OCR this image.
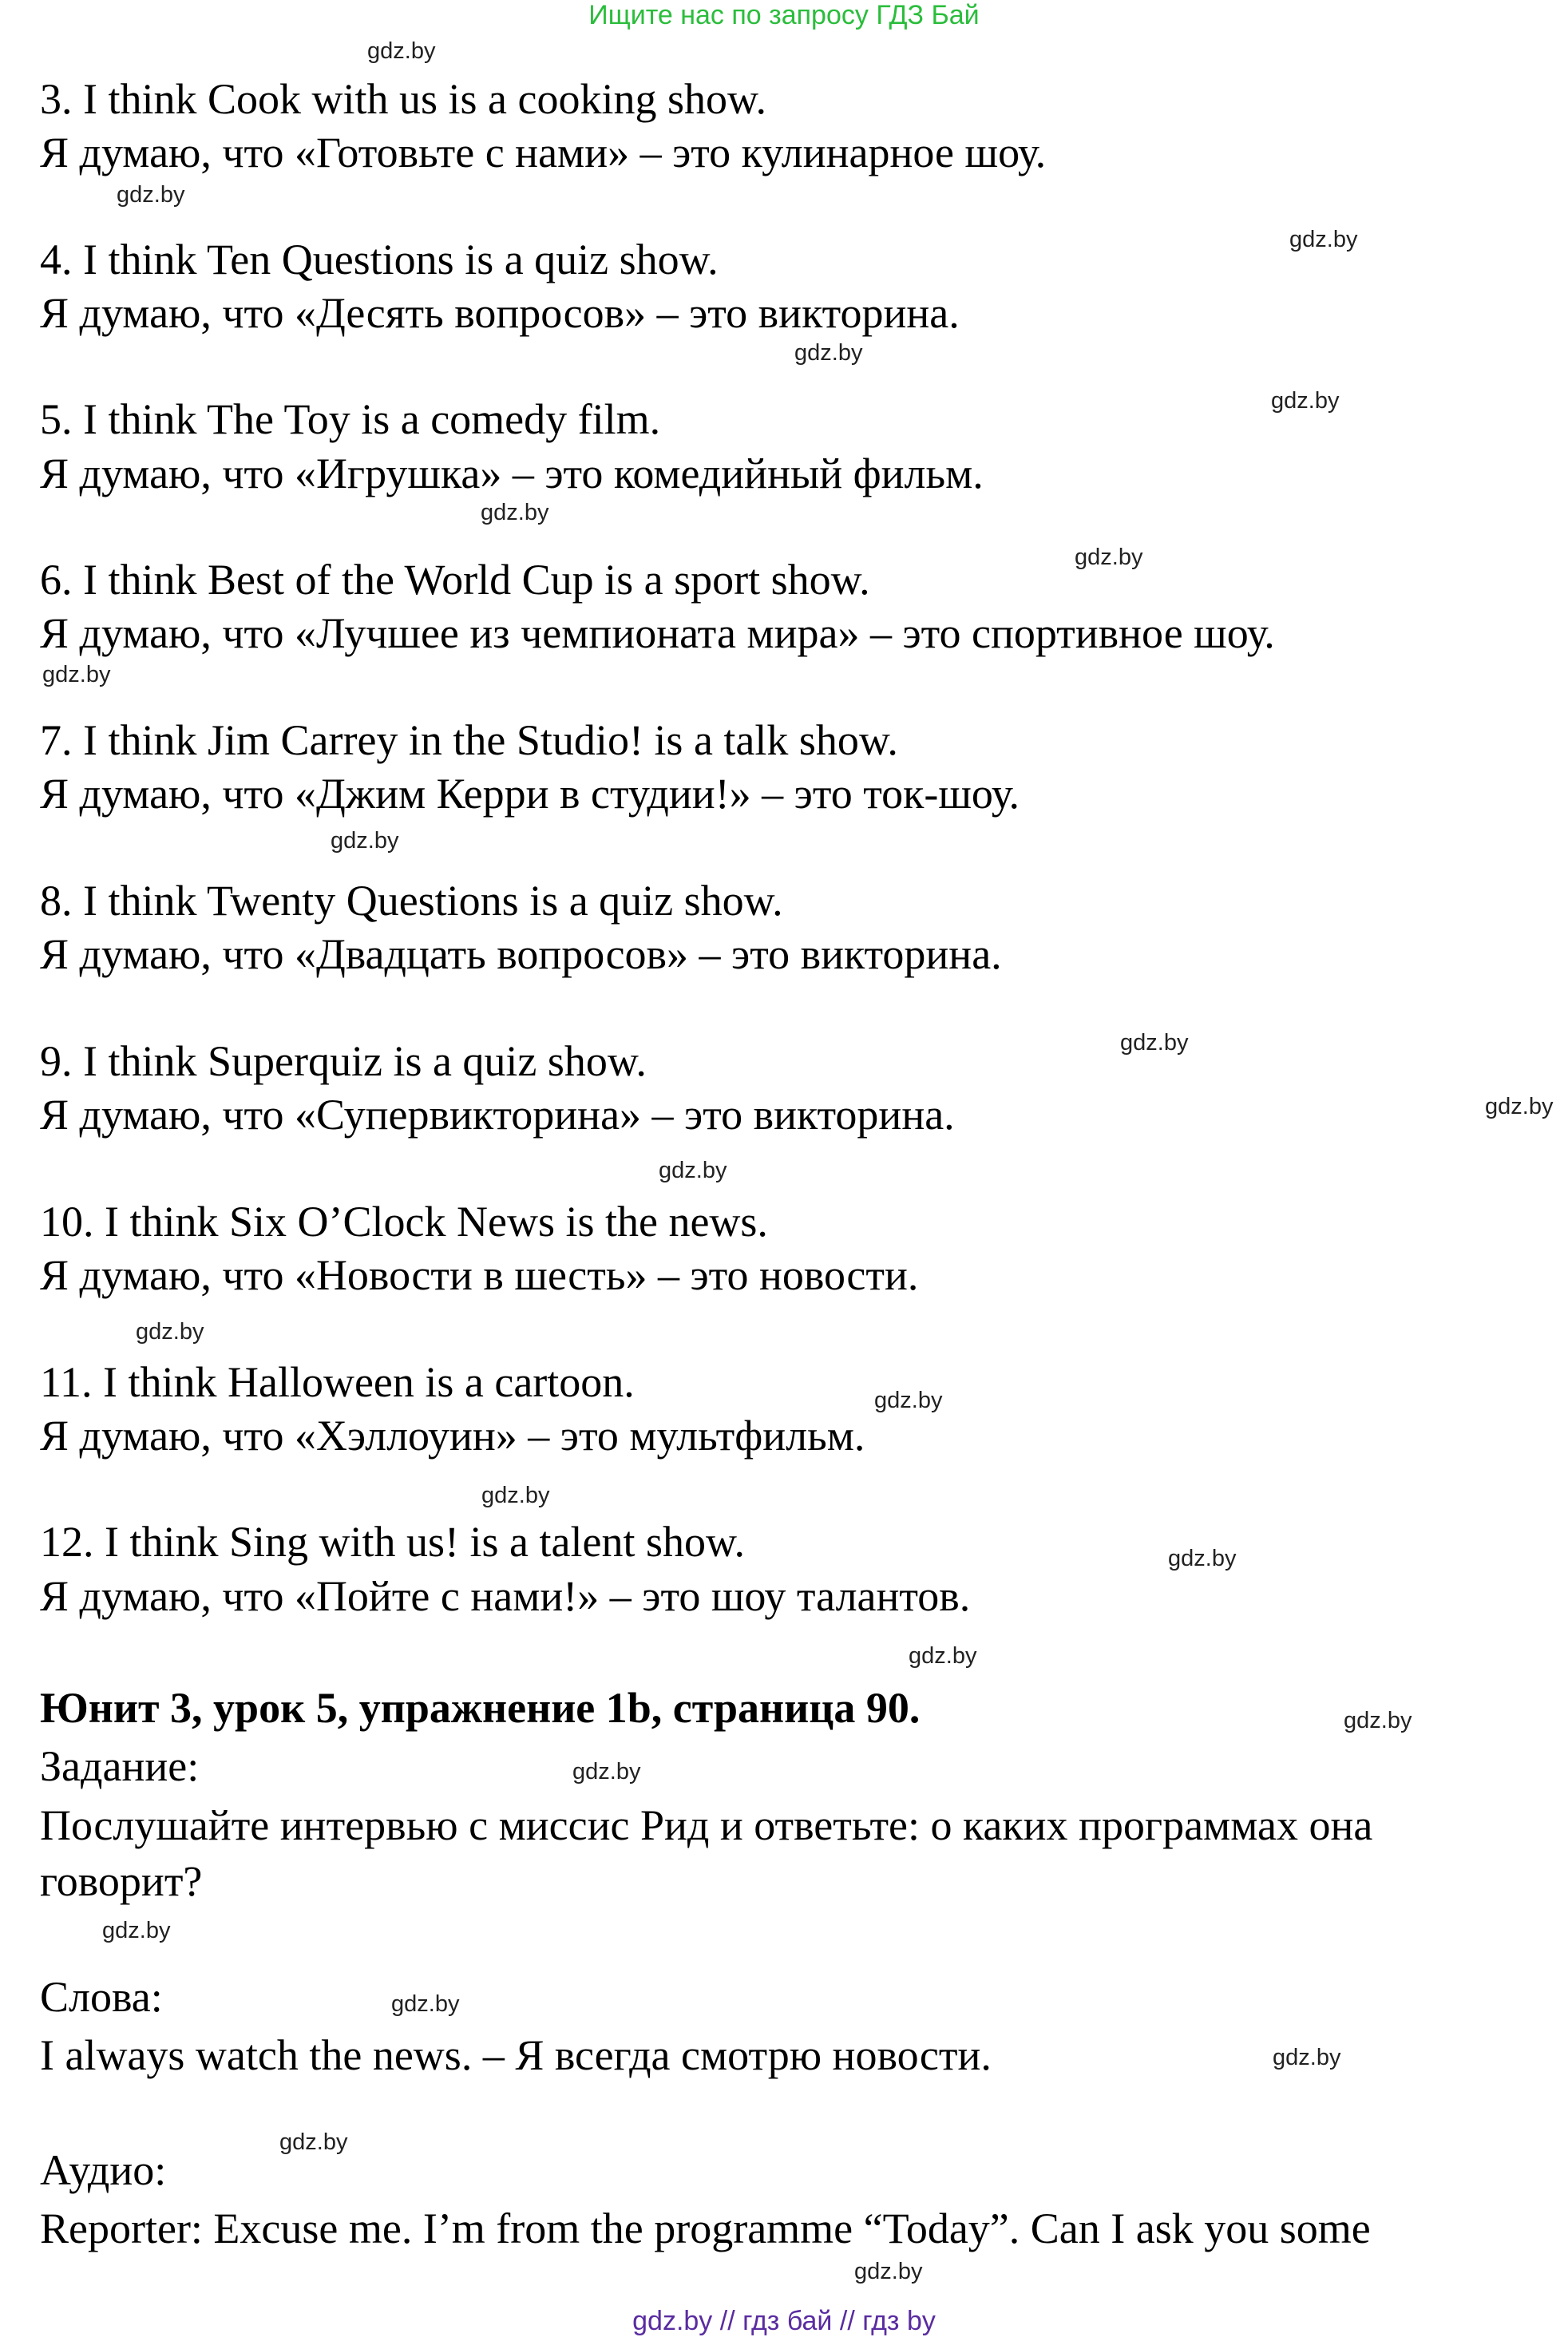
Ищите нас по запросу ГДЗ Бай
gdz.by
gdz.by
gdz.by
gdz.by
gdz.by
gdz.by
gdz.by
gdz.by
gdz.by
gdz.by
gdz.by
gdz.by
gdz.by
gdz.by
gdz.by
gdz.by
gdz.by
gdz.by
gdz.by
gdz.by
gdz.by
gdz.by
gdz.by
gdz.by
3. I think Cook with us is a cooking show.
Я думаю, что «Готовьте с нами» – это кулинарное шоу.
4. I think Ten Questions is a quiz show.
Я думаю, что «Десять вопросов» – это викторина.
5. I think The Toy is a comedy film.
Я думаю, что «Игрушка» – это комедийный фильм.
6. I think Best of the World Cup is a sport show.
Я думаю, что «Лучшее из чемпионата мира» – это спортивное шоу.
7. I think Jim Carrey in the Studio! is a talk show.
Я думаю, что «Джим Керри в студии!» – это ток-шоу.
8. I think Twenty Questions is a quiz show.
Я думаю, что «Двадцать вопросов» – это викторина.
9. I think Superquiz is a quiz show.
Я думаю, что «Супервикторина» – это викторина.
10. I think Six O’Clock News is the news.
Я думаю, что «Новости в шесть» – это новости.
11. I think Halloween is a cartoon.
Я думаю, что «Хэллоуин» – это мультфильм.
12. I think Sing with us! is a talent show.
Я думаю, что «Пойте с нами!» – это шоу талантов.
Юнит 3, урок 5, упражнение 1b, страница 90.
Задание:
Послушайте интервью с миссис Рид и ответьте: о каких программах она
говорит?
Слова:
I always watch the news. – Я всегда смотрю новости.
Аудио:
Reporter: Excuse me. I’m from the programme “Today”. Can I ask you some
gdz.by // гдз бай // гдз by
